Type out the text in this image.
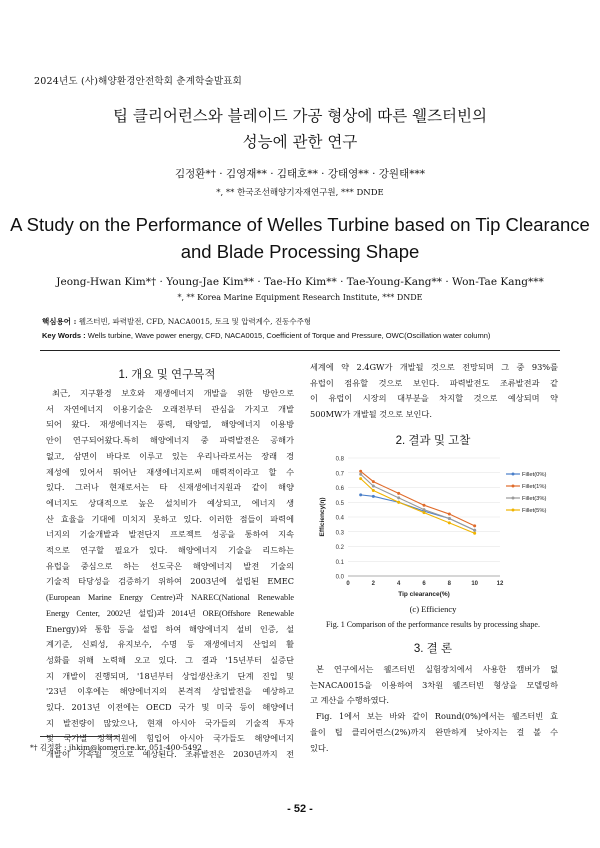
2024년도 (사)해양환경안전학회 춘계학술발표회
팁 클리어런스와 블레이드 가공 형상에 따른 웰즈터빈의
성능에 관한 연구
김정환*† · 김영재** · 김태호** · 강태영** · 강원태***
*, ** 한국조선해양기자재연구원, *** DNDE
A Study on the Performance of Welles Turbine based on Tip Clearance
and Blade Processing Shape
Jeong-Hwan Kim*† · Young-Jae Kim** · Tae-Ho Kim** · Tae-Young-Kang** · Won-Tae Kang***
*, ** Korea Marine Equipment Research Institute, *** DNDE
핵심용어 : 웰즈터빈, 파력발전, CFD, NACA0015, 토크 및 압력계수, 진동수주형
Key Words : Wells turbine, Wave power energy, CFD, NACA0015, Coefficient of Torque and Pressure, OWC(Oscillation water column)
1. 개요 및 연구목적
최근, 지구환경 보호와 재생에너지 개발을 위한 방안으로
서 자연에너지 이용기술은 오래전부터 관심을 가지고 개발
되어 왔다. 재생에너지는 풍력, 태양열, 해양에너지 이용방
안이 연구되어왔다.특히 해양에너지 중 파력발전은 공해가
없고, 삼면이 바다로 이루고 있는 우리나라로서는 장래 경
제성에 있어서 뛰어난 재생에너지로써 매력적이라고 할 수
있다. 그러나 현재로서는 타 신재생에너지원과 같이 해양
에너지도 상대적으로 높은 설치비가 예상되고, 에너지 생
산 효율을 기대에 미치지 못하고 있다. 이러한 점들이 파력에
너지의 기술개발과 발전단지 프로젝트 성공을 통하여 지속
적으로 연구할 필요가 있다. 해양에너지 기술을 리드하는
유럽을 중심으로 하는 선도국은 해양에너지 발전 기술의
기술적 타당성을 검증하기 위하여 2003년에 설립된 EMEC
(European Marine Energy Centre)과 NAREC(National Renewable
Energy Center, 2002년 설립)과 2014년 ORE(Offshore Renewable
Energy)와 통합 등을 설립 하여 해양에너지 설비 인증, 설
계기준, 신뢰성, 유지보수, 수명 등 재생에너지 산업의 활
성화를 위해 노력해 오고 있다. 그 결과 '15년부터 실증단
지 개발이 진행되며, '18년부터 상업생산초기 단계 진입 및
'23년 이후에는 해양에너지의 본격적 상업발전을 예상하고
있다. 2013년 이전에는 OECD 국가 및 미국 등이 해양에너
지 발전량이 많았으나, 현재 아시아 국가들의 기술적 투자
및 국가별 정책지원에 힘입어 아시아 국가들도 해양에너지
개발이 가속될 것으로 예상된다. 조류발전은 2030년까지 전
세계에 약 2.4GW가 개발될 것으로 전망되며 그 중 93%를
유럽이 점유할 것으로 보인다. 파력발전도 조류발전과 같
이 유럽이 시장의 대부분을 차지할 것으로 예상되며 약
500MW가 개발될 것으로 보인다.
2. 결과 및 고찰
0.0
0.1
0.2
0.3
0.4
0.5
0.6
0.7
0.8
0	2	4	6	8	10	12
Tip clearance(%)
Efficiency(η)
Fillet(0%)
Fillet(1%)
Fillet(3%)
Fillet(5%)
(c) Efficiency
Fig. 1 Comparison of the performance results by processing shape.
3. 결 론
본 연구에서는 웰즈터빈 실험장치에서 사용한 캠버가 없
는NACA0015을 이용하여 3차원 웰즈터빈 형상을 모델링하
고 계산을 수행하였다.
Fig. 1에서 보는 바와 같이 Round(0%)에서는 웰즈터빈 효
율이 팁 클리어런스(2%)까지 완만하게 낮아지는 걸 볼 수
있다.
*† 김정환 : jhkim@komeri.re.kr, 051-400-5492
- 52 -
